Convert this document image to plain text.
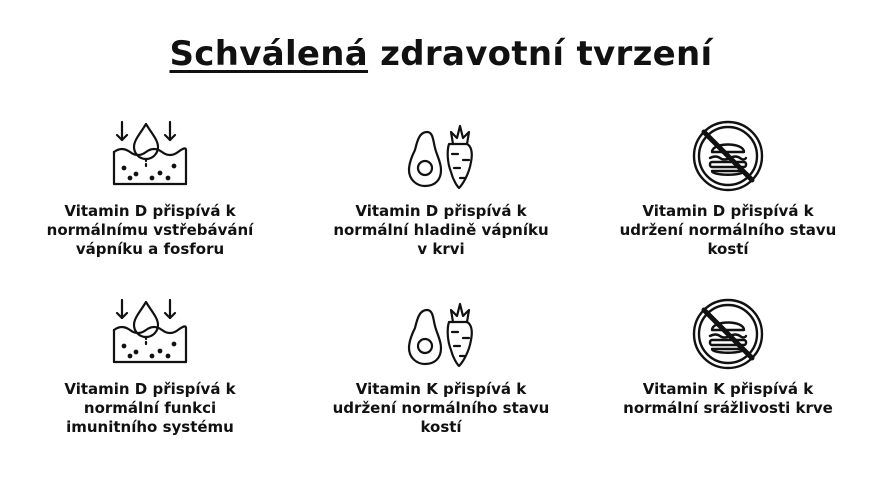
Schválená zdravotní tvrzení
Vitamin D přispívá k
normálnímu vstřebávání
vápníku a fosforu
Vitamin D přispívá k
normální hladině vápníku
v krvi
Vitamin D přispívá k
udržení normálního stavu
kostí
Vitamin D přispívá k
normální funkci
imunitního systému
Vitamin K přispívá k
udržení normálního stavu
kostí
Vitamin K přispívá k
normální srážlivosti krve
